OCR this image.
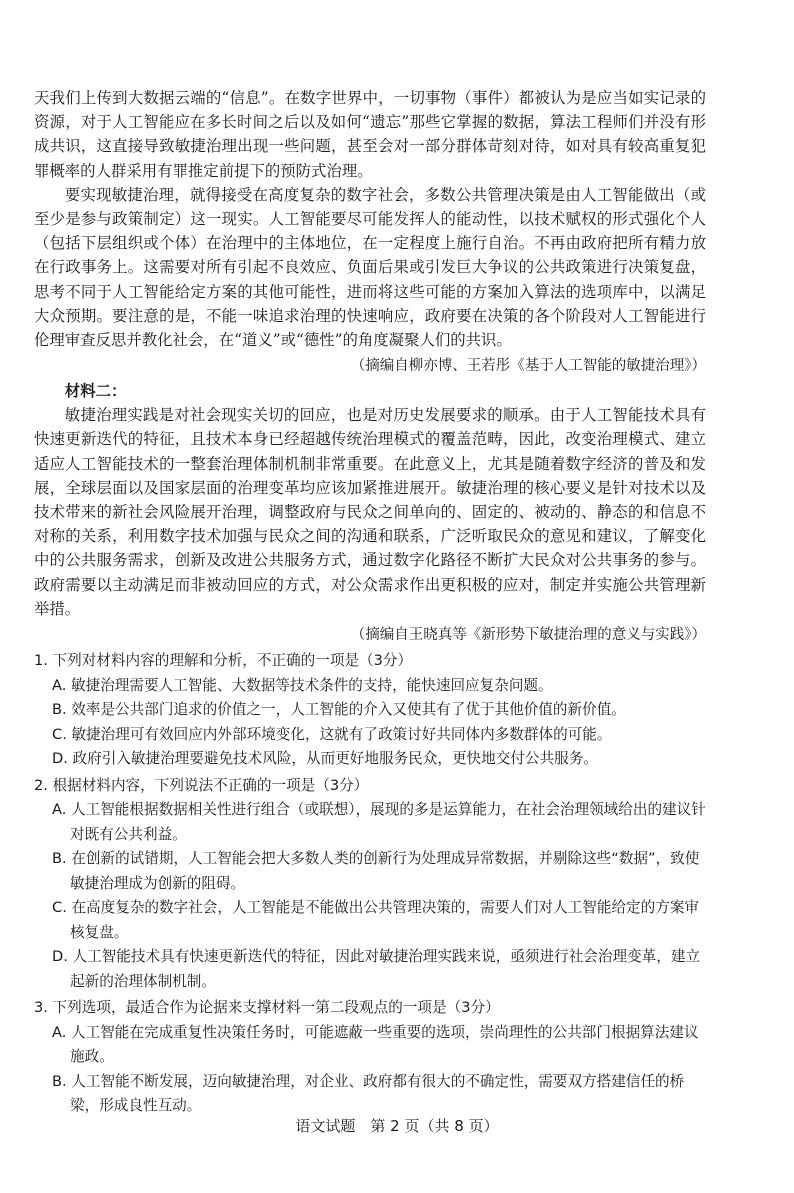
天我们上传到大数据云端的“信息”。在数字世界中，一切事物（事件）都被认为是应当如实记录的资源，对于人工智能应在多长时间之后以及如何“遗忘”那些它掌握的数据，算法工程师们并没有形成共识，这直接导致敏捷治理出现一些问题，甚至会对一部分群体苛刻对待，如对具有较高重复犯罪概率的人群采用有罪推定前提下的预防式治理。

要实现敏捷治理，就得接受在高度复杂的数字社会，多数公共管理决策是由人工智能做出（或至少是参与政策制定）这一现实。人工智能要尽可能发挥人的能动性，以技术赋权的形式强化个人（包括下层组织或个体）在治理中的主体地位，在一定程度上施行自治。不再由政府把所有精力放在行政事务上。这需要对所有引起不良效应、负面后果或引发巨大争议的公共政策进行决策复盘，思考不同于人工智能给定方案的其他可能性，进而将这些可能的方案加入算法的选项库中，以满足大众预期。要注意的是，不能一味追求治理的快速响应，政府要在决策的各个阶段对人工智能进行伦理审查反思并教化社会，在“道义”或“德性”的角度凝聚人们的共识。

（摘编自柳亦博、王若彤《基于人工智能的敏捷治理》）

材料二：

敏捷治理实践是对社会现实关切的回应，也是对历史发展要求的顺承。由于人工智能技术具有快速更新迭代的特征，且技术本身已经超越传统治理模式的覆盖范畴，因此，改变治理模式、建立适应人工智能技术的一整套治理体制机制非常重要。在此意义上，尤其是随着数字经济的普及和发展，全球层面以及国家层面的治理变革均应该加紧推进展开。敏捷治理的核心要义是针对技术以及技术带来的新社会风险展开治理，调整政府与民众之间单向的、固定的、被动的、静态的和信息不对称的关系，利用数字技术加强与民众之间的沟通和联系，广泛听取民众的意见和建议，了解变化中的公共服务需求，创新及改进公共服务方式，通过数字化路径不断扩大民众对公共事务的参与。政府需要以主动满足而非被动回应的方式，对公众需求作出更积极的应对，制定并实施公共管理新举措。

（摘编自王晓真等《新形势下敏捷治理的意义与实践》）

1. 下列对材料内容的理解和分析，不正确的一项是（3分）

A. 敏捷治理需要人工智能、大数据等技术条件的支持，能快速回应复杂问题。

B. 效率是公共部门追求的价值之一，人工智能的介入又使其有了优于其他价值的新价值。

C. 敏捷治理可有效回应内外部环境变化，这就有了政策讨好共同体内多数群体的可能。

D. 政府引入敏捷治理要避免技术风险，从而更好地服务民众，更快地交付公共服务。

2. 根据材料内容，下列说法不正确的一项是（3分）

A. 人工智能根据数据相关性进行组合（或联想），展现的多是运算能力，在社会治理领域给出的建议针对既有公共利益。

B. 在创新的试错期，人工智能会把大多数人类的创新行为处理成异常数据，并剔除这些“数据”，致使敏捷治理成为创新的阻碍。

C. 在高度复杂的数字社会，人工智能是不能做出公共管理决策的，需要人们对人工智能给定的方案审核复盘。

D. 人工智能技术具有快速更新迭代的特征，因此对敏捷治理实践来说，亟须进行社会治理变革，建立起新的治理体制机制。

3. 下列选项，最适合作为论据来支撑材料一第二段观点的一项是（3分）

A. 人工智能在完成重复性决策任务时，可能遮蔽一些重要的选项，崇尚理性的公共部门根据算法建议施政。

B. 人工智能不断发展，迈向敏捷治理，对企业、政府都有很大的不确定性，需要双方搭建信任的桥梁，形成良性互动。

语文试题　第 2 页（共 8 页）
